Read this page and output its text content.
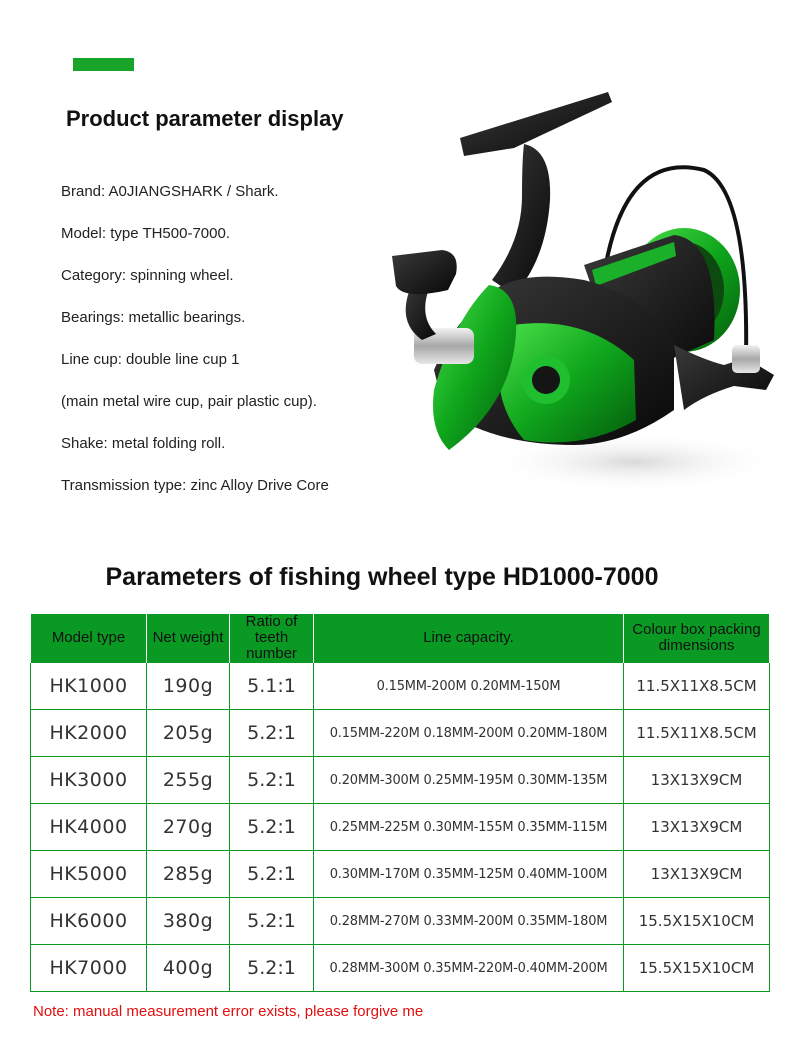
Product parameter display
Brand: A0JIANGSHARK / Shark.
Model: type TH500-7000.
Category: spinning wheel.
Bearings: metallic bearings.
Line cup: double line cup 1
(main metal wire cup, pair plastic cup).
Shake: metal folding roll.
Transmission type: zinc Alloy Drive Core
Parameters of fishing wheel type HD1000-7000
Model type	Net weight	Ratio of teeth number	Line capacity.	Colour box packing dimensions
HK1000	190g	5.1:1	0.15MM-200M 0.20MM-150M	11.5X11X8.5CM
HK2000	205g	5.2:1	0.15MM-220M 0.18MM-200M 0.20MM-180M	11.5X11X8.5CM
HK3000	255g	5.2:1	0.20MM-300M 0.25MM-195M 0.30MM-135M	13X13X9CM
HK4000	270g	5.2:1	0.25MM-225M 0.30MM-155M 0.35MM-115M	13X13X9CM
HK5000	285g	5.2:1	0.30MM-170M 0.35MM-125M 0.40MM-100M	13X13X9CM
HK6000	380g	5.2:1	0.28MM-270M 0.33MM-200M 0.35MM-180M	15.5X15X10CM
HK7000	400g	5.2:1	0.28MM-300M 0.35MM-220M-0.40MM-200M	15.5X15X10CM
Note: manual measurement error exists, please forgive me
